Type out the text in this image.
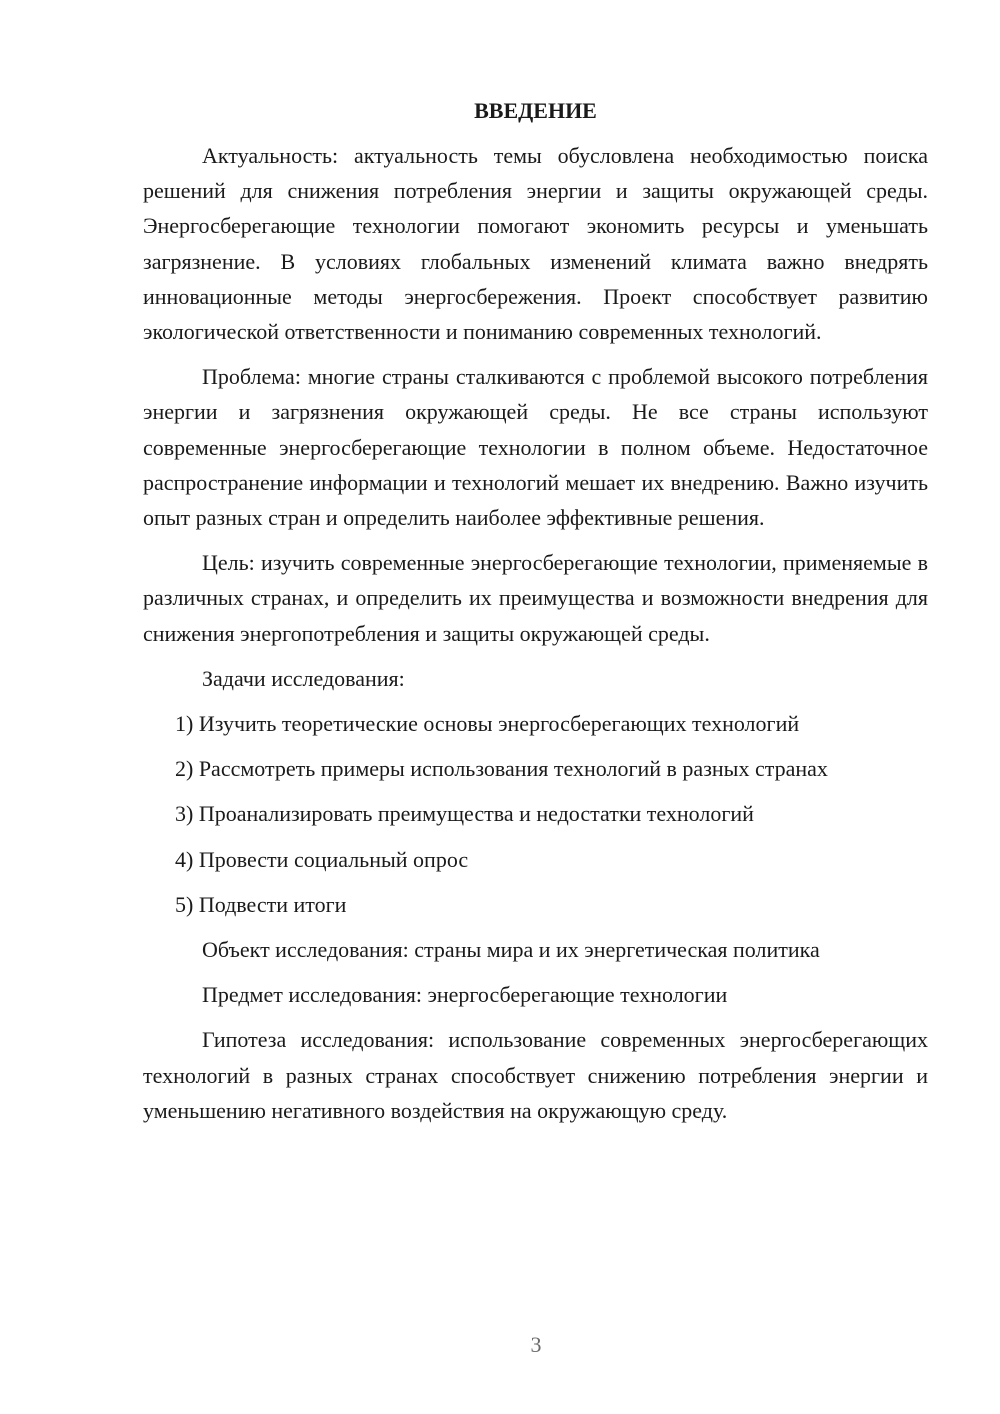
ВВЕДЕНИЕ

Актуальность: актуальность темы обусловлена необходимостью поиска решений для снижения потребления энергии и защиты окружающей среды. Энергосберегающие технологии помогают экономить ресурсы и уменьшать загрязнение. В условиях глобальных изменений климата важно внедрять инновационные методы энергосбережения. Проект способствует развитию экологической ответственности и пониманию современных технологий.

Проблема: многие страны сталкиваются с проблемой высокого потребления энергии и загрязнения окружающей среды. Не все страны используют современные энергосберегающие технологии в полном объеме. Недостаточное распространение информации и технологий мешает их внедрению. Важно изучить опыт разных стран и определить наиболее эффективные решения.

Цель: изучить современные энергосберегающие технологии, применяемые в различных странах, и определить их преимущества и возможности внедрения для снижения энергопотребления и защиты окружающей среды.

Задачи исследования:

1) Изучить теоретические основы энергосберегающих технологий

2) Рассмотреть примеры использования технологий в разных странах

3) Проанализировать преимущества и недостатки технологий

4) Провести социальный опрос

5) Подвести итоги

Объект исследования: страны мира и их энергетическая политика

Предмет исследования: энергосберегающие технологии

Гипотеза исследования: использование современных энергосберегающих технологий в разных странах способствует снижению потребления энергии и уменьшению негативного воздействия на окружающую среду.

3
